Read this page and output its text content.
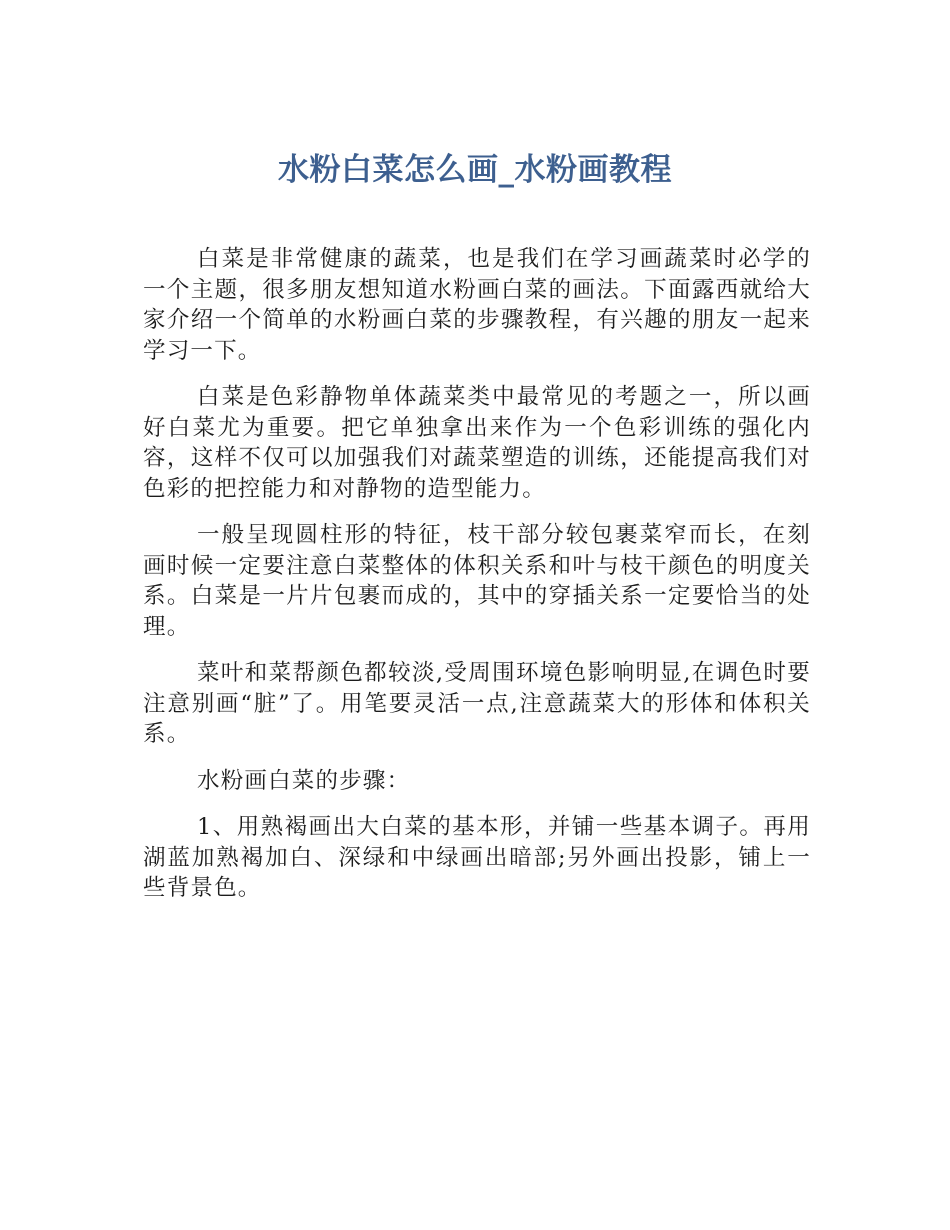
水粉白菜怎么画_水粉画教程

白菜是非常健康的蔬菜，也是我们在学习画蔬菜时必学的一个主题，很多朋友想知道水粉画白菜的画法。下面露西就给大家介绍一个简单的水粉画白菜的步骤教程，有兴趣的朋友一起来学习一下。

白菜是色彩静物单体蔬菜类中最常见的考题之一，所以画好白菜尤为重要。把它单独拿出来作为一个色彩训练的强化内容，这样不仅可以加强我们对蔬菜塑造的训练，还能提高我们对色彩的把控能力和对静物的造型能力。

一般呈现圆柱形的特征，枝干部分较包裹菜窄而长，在刻画时候一定要注意白菜整体的体积关系和叶与枝干颜色的明度关系。白菜是一片片包裹而成的，其中的穿插关系一定要恰当的处理。

菜叶和菜帮颜色都较淡,受周围环境色影响明显,在调色时要注意别画“脏”了。用笔要灵活一点,注意蔬菜大的形体和体积关系。

水粉画白菜的步骤：

1、用熟褐画出大白菜的基本形，并铺一些基本调子。再用湖蓝加熟褐加白、深绿和中绿画出暗部;另外画出投影，铺上一些背景色。
